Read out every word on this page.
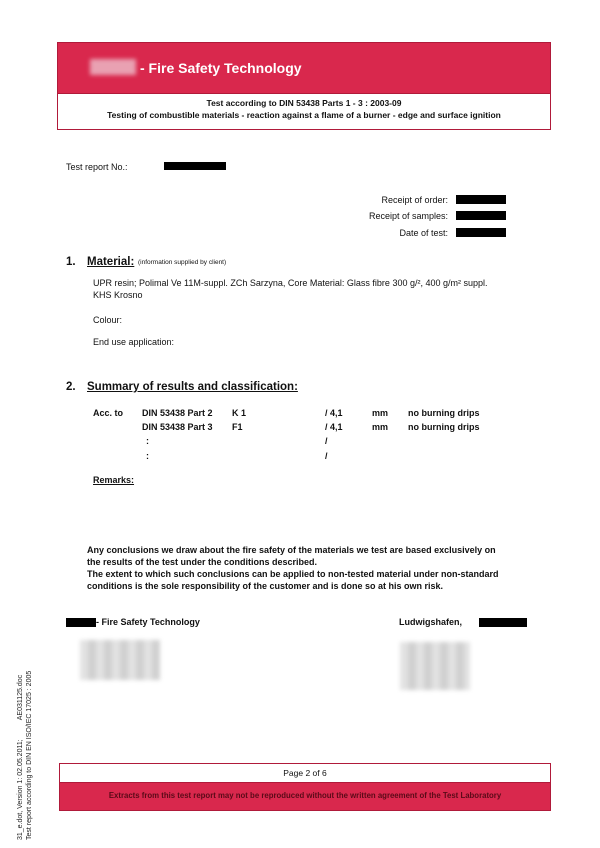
- Fire Safety Technology
Test according to DIN 53438 Parts 1 - 3 : 2003-09
Testing of combustible materials - reaction against a flame of a burner - edge and surface ignition
Test report No.:
Receipt of order:
Receipt of samples:
Date of test:
1. Material: (information supplied by client)
UPR resin; Polimal Ve 11M-suppl. ZCh Sarzyna, Core Material: Glass fibre 300 g/², 400 g/m² suppl.
KHS Krosno
Colour:
End use application:
2. Summary of results and classification:
Acc. to DIN 53438 Part 2 K 1	/ 4,1	mm no burning drips
DIN 53438 Part 3 F1	/ 4,1	mm no burning drips
:	/
:	/
Remarks:
Any conclusions we draw about the fire safety of the materials we test are based exclusively on
the results of the test under the conditions described.
The extent to which such conclusions can be applied to non-tested material under non-standard
conditions is the sole responsibility of the customer and is done so at his own risk.
- Fire Safety Technology	Ludwigshafen,
Page 2 of 6
Extracts from this test report may not be reproduced without the written agreement of the Test Laboratory
31_e.dot, Version 1: 02.05.2011;          AE031125.doc Test report according to DIN EN ISO/IEC 17025 : 2005
